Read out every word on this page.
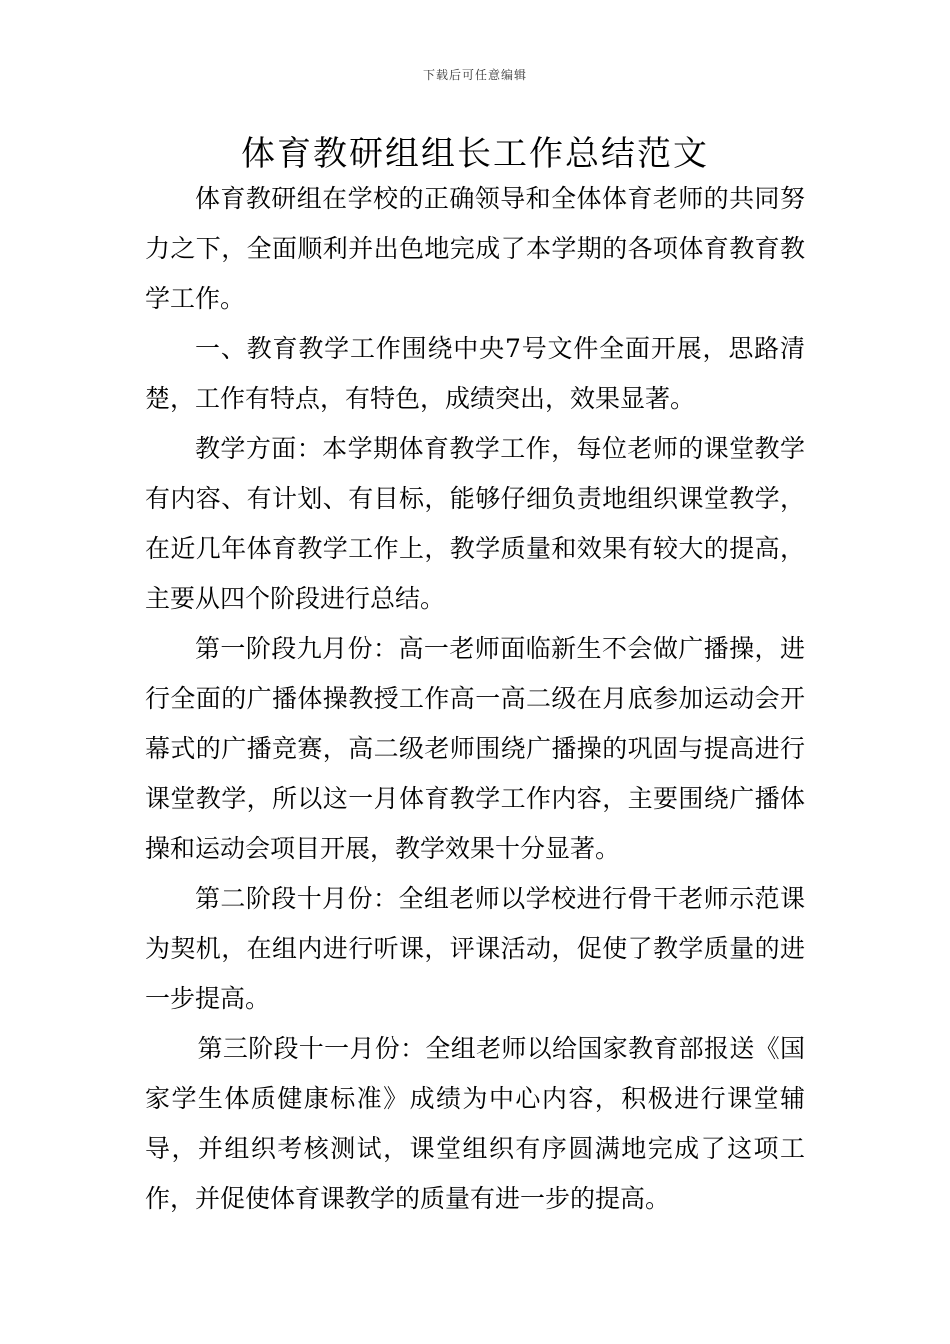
下载后可任意编辑
体育教研组组长工作总结范文

体育教研组在学校的正确领导和全体体育老师的共同努力之下，全面顺利并出色地完成了本学期的各项体育教育教学工作。

一、教育教学工作围绕中央7号文件全面开展，思路清楚，工作有特点，有特色，成绩突出，效果显著。

教学方面：本学期体育教学工作，每位老师的课堂教学有内容、有计划、有目标，能够仔细负责地组织课堂教学，在近几年体育教学工作上，教学质量和效果有较大的提高，主要从四个阶段进行总结。

第一阶段九月份：高一老师面临新生不会做广播操，进行全面的广播体操教授工作高一高二级在月底参加运动会开幕式的广播竞赛，高二级老师围绕广播操的巩固与提高进行课堂教学，所以这一月体育教学工作内容，主要围绕广播体操和运动会项目开展，教学效果十分显著。

第二阶段十月份：全组老师以学校进行骨干老师示范课为契机，在组内进行听课，评课活动，促使了教学质量的进一步提高。

第三阶段十一月份：全组老师以给国家教育部报送《国家学生体质健康标准》成绩为中心内容，积极进行课堂辅导，并组织考核测试，课堂组织有序圆满地完成了这项工作，并促使体育课教学的质量有进一步的提高。
